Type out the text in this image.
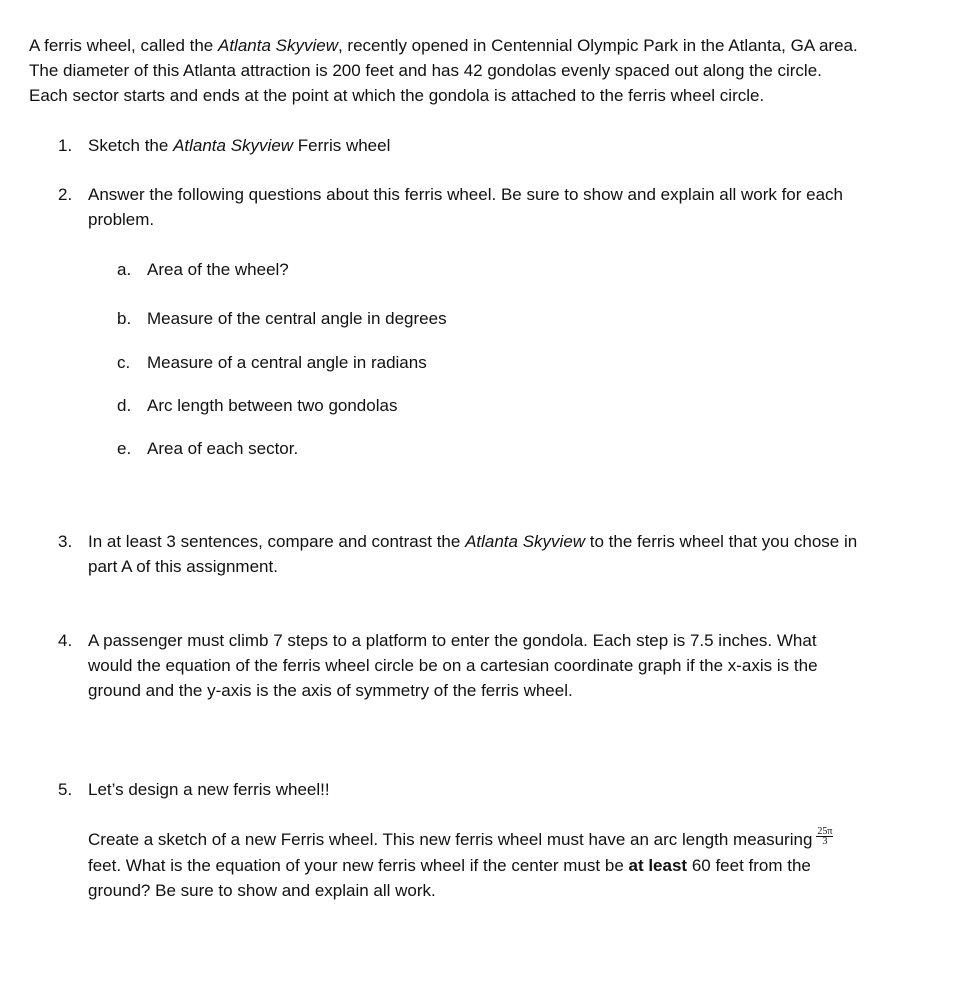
A ferris wheel, called the Atlanta Skyview, recently opened in Centennial Olympic Park in the Atlanta, GA area.
The diameter of this Atlanta attraction is 200 feet and has 42 gondolas evenly spaced out along the circle.
Each sector starts and ends at the point at which the gondola is attached to the ferris wheel circle.
1. Sketch the Atlanta Skyview Ferris wheel
2. Answer the following questions about this ferris wheel. Be sure to show and explain all work for each
problem.
a. Area of the wheel?
b. Measure of the central angle in degrees
c. Measure of a central angle in radians
d. Arc length between two gondolas
e. Area of each sector.
3. In at least 3 sentences, compare and contrast the Atlanta Skyview to the ferris wheel that you chose in
part A of this assignment.
4. A passenger must climb 7 steps to a platform to enter the gondola. Each step is 7.5 inches. What
would the equation of the ferris wheel circle be on a cartesian coordinate graph if the x-axis is the
ground and the y-axis is the axis of symmetry of the ferris wheel.
5. Let’s design a new ferris wheel!!
Create a sketch of a new Ferris wheel. This new ferris wheel must have an arc length measuring $\frac{25\pi}{3}$
feet. What is the equation of your new ferris wheel if the center must be at least 60 feet from the
ground? Be sure to show and explain all work.
